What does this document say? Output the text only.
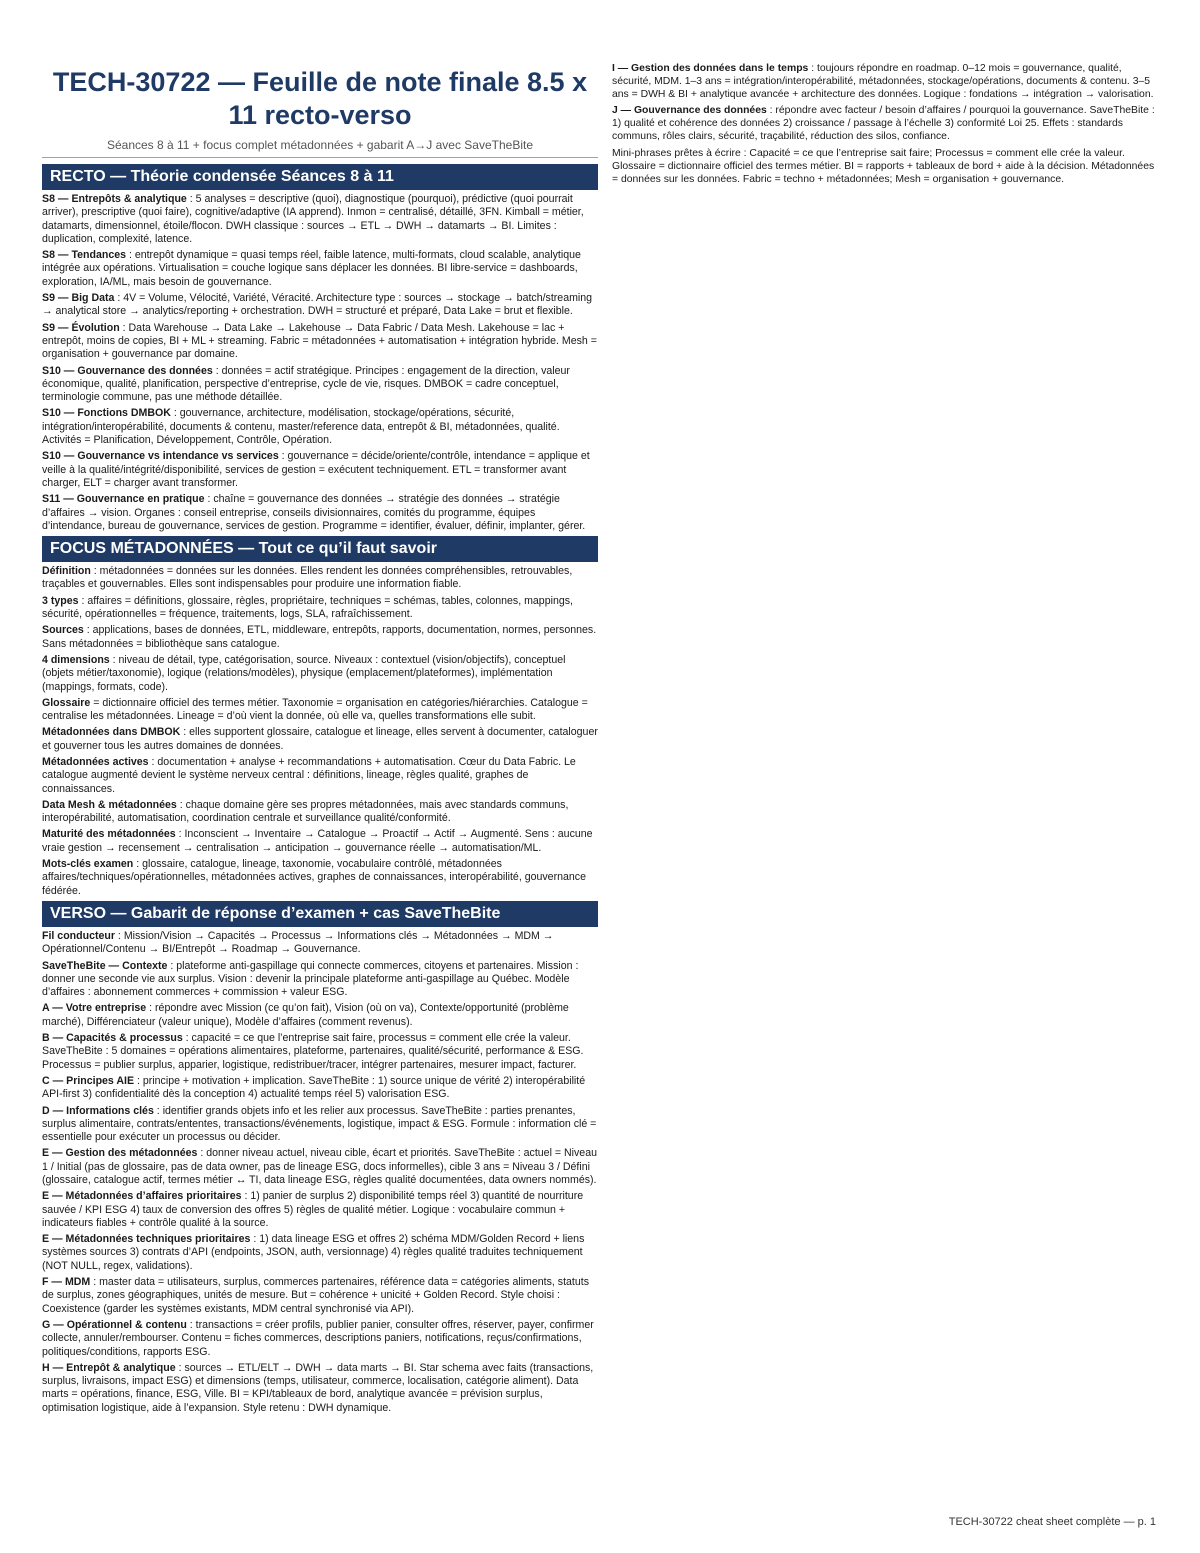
TECH-30722 — Feuille de note finale 8.5 x 11 recto-verso
Séances 8 à 11 + focus complet métadonnées + gabarit A→J avec SaveTheBite
RECTO — Théorie condensée Séances 8 à 11

S8 — Entrepôts & analytique : 5 analyses = descriptive (quoi), diagnostique (pourquoi), prédictive (quoi pourrait arriver), prescriptive (quoi faire), cognitive/adaptive (IA apprend). Inmon = centralisé, détaillé, 3FN. Kimball = métier, datamarts, dimensionnel, étoile/flocon. DWH classique : sources → ETL → DWH → datamarts → BI. Limites : duplication, complexité, latence.

S8 — Tendances : entrepôt dynamique = quasi temps réel, faible latence, multi-formats, cloud scalable, analytique intégrée aux opérations. Virtualisation = couche logique sans déplacer les données. BI libre-service = dashboards, exploration, IA/ML, mais besoin de gouvernance.

S9 — Big Data : 4V = Volume, Vélocité, Variété, Véracité. Architecture type : sources → stockage → batch/streaming → analytical store → analytics/reporting + orchestration. DWH = structuré et préparé, Data Lake = brut et flexible.

S9 — Évolution : Data Warehouse → Data Lake → Lakehouse → Data Fabric / Data Mesh. Lakehouse = lac + entrepôt, moins de copies, BI + ML + streaming. Fabric = métadonnées + automatisation + intégration hybride. Mesh = organisation + gouvernance par domaine.

S10 — Gouvernance des données : données = actif stratégique. Principes : engagement de la direction, valeur économique, qualité, planification, perspective d’entreprise, cycle de vie, risques. DMBOK = cadre conceptuel, terminologie commune, pas une méthode détaillée.

S10 — Fonctions DMBOK : gouvernance, architecture, modélisation, stockage/opérations, sécurité, intégration/interopérabilité, documents & contenu, master/reference data, entrepôt & BI, métadonnées, qualité. Activités = Planification, Développement, Contrôle, Opération.

S10 — Gouvernance vs intendance vs services : gouvernance = décide/oriente/contrôle, intendance = applique et veille à la qualité/intégrité/disponibilité, services de gestion = exécutent techniquement. ETL = transformer avant charger, ELT = charger avant transformer.

S11 — Gouvernance en pratique : chaîne = gouvernance des données → stratégie des données → stratégie d’affaires → vision. Organes : conseil entreprise, conseils divisionnaires, comités du programme, équipes d’intendance, bureau de gouvernance, services de gestion. Programme = identifier, évaluer, définir, implanter, gérer.

FOCUS MÉTADONNÉES — Tout ce qu’il faut savoir

Définition : métadonnées = données sur les données. Elles rendent les données compréhensibles, retrouvables, traçables et gouvernables. Elles sont indispensables pour produire une information fiable.

3 types : affaires = définitions, glossaire, règles, propriétaire, techniques = schémas, tables, colonnes, mappings, sécurité, opérationnelles = fréquence, traitements, logs, SLA, rafraîchissement.

Sources : applications, bases de données, ETL, middleware, entrepôts, rapports, documentation, normes, personnes. Sans métadonnées = bibliothèque sans catalogue.

4 dimensions : niveau de détail, type, catégorisation, source. Niveaux : contextuel (vision/objectifs), conceptuel (objets métier/taxonomie), logique (relations/modèles), physique (emplacement/plateformes), implémentation (mappings, formats, code).

Glossaire = dictionnaire officiel des termes métier. Taxonomie = organisation en catégories/hiérarchies. Catalogue = centralise les métadonnées. Lineage = d’où vient la donnée, où elle va, quelles transformations elle subit.

Métadonnées dans DMBOK : elles supportent glossaire, catalogue et lineage, elles servent à documenter, cataloguer et gouverner tous les autres domaines de données.

Métadonnées actives : documentation + analyse + recommandations + automatisation. Cœur du Data Fabric. Le catalogue augmenté devient le système nerveux central : définitions, lineage, règles qualité, graphes de connaissances.

Data Mesh & métadonnées : chaque domaine gère ses propres métadonnées, mais avec standards communs, interopérabilité, automatisation, coordination centrale et surveillance qualité/conformité.

Maturité des métadonnées : Inconscient → Inventaire → Catalogue → Proactif → Actif → Augmenté. Sens : aucune vraie gestion → recensement → centralisation → anticipation → gouvernance réelle → automatisation/ML.

Mots-clés examen : glossaire, catalogue, lineage, taxonomie, vocabulaire contrôlé, métadonnées affaires/techniques/opérationnelles, métadonnées actives, graphes de connaissances, interopérabilité, gouvernance fédérée.

VERSO — Gabarit de réponse d’examen + cas SaveTheBite

Fil conducteur : Mission/Vision → Capacités → Processus → Informations clés → Métadonnées → MDM → Opérationnel/Contenu → BI/Entrepôt → Roadmap → Gouvernance.

SaveTheBite — Contexte : plateforme anti-gaspillage qui connecte commerces, citoyens et partenaires. Mission : donner une seconde vie aux surplus. Vision : devenir la principale plateforme anti-gaspillage au Québec. Modèle d’affaires : abonnement commerces + commission + valeur ESG.

A — Votre entreprise : répondre avec Mission (ce qu’on fait), Vision (où on va), Contexte/opportunité (problème marché), Différenciateur (valeur unique), Modèle d’affaires (comment revenus).

B — Capacités & processus : capacité = ce que l’entreprise sait faire, processus = comment elle crée la valeur. SaveTheBite : 5 domaines = opérations alimentaires, plateforme, partenaires, qualité/sécurité, performance & ESG. Processus = publier surplus, apparier, logistique, redistribuer/tracer, intégrer partenaires, mesurer impact, facturer.

C — Principes AIE : principe + motivation + implication. SaveTheBite : 1) source unique de vérité 2) interopérabilité API-first 3) confidentialité dès la conception 4) actualité temps réel 5) valorisation ESG.

D — Informations clés : identifier grands objets info et les relier aux processus. SaveTheBite : parties prenantes, surplus alimentaire, contrats/ententes, transactions/événements, logistique, impact & ESG. Formule : information clé = essentielle pour exécuter un processus ou décider.

E — Gestion des métadonnées : donner niveau actuel, niveau cible, écart et priorités. SaveTheBite : actuel = Niveau 1 / Initial (pas de glossaire, pas de data owner, pas de lineage ESG, docs informelles), cible 3 ans = Niveau 3 / Défini (glossaire, catalogue actif, termes métier ↔ TI, data lineage ESG, règles qualité documentées, data owners nommés).

E — Métadonnées d’affaires prioritaires : 1) panier de surplus 2) disponibilité temps réel 3) quantité de nourriture sauvée / KPI ESG 4) taux de conversion des offres 5) règles de qualité métier. Logique : vocabulaire commun + indicateurs fiables + contrôle qualité à la source.

E — Métadonnées techniques prioritaires : 1) data lineage ESG et offres 2) schéma MDM/Golden Record + liens systèmes sources 3) contrats d’API (endpoints, JSON, auth, versionnage) 4) règles qualité traduites techniquement (NOT NULL, regex, validations).

F — MDM : master data = utilisateurs, surplus, commerces partenaires, référence data = catégories aliments, statuts de surplus, zones géographiques, unités de mesure. But = cohérence + unicité + Golden Record. Style choisi : Coexistence (garder les systèmes existants, MDM central synchronisé via API).

G — Opérationnel & contenu : transactions = créer profils, publier panier, consulter offres, réserver, payer, confirmer collecte, annuler/rembourser. Contenu = fiches commerces, descriptions paniers, notifications, reçus/confirmations, politiques/conditions, rapports ESG.

H — Entrepôt & analytique : sources → ETL/ELT → DWH → data marts → BI. Star schema avec faits (transactions, surplus, livraisons, impact ESG) et dimensions (temps, utilisateur, commerce, localisation, catégorie aliment). Data marts = opérations, finance, ESG, Ville. BI = KPI/tableaux de bord, analytique avancée = prévision surplus, optimisation logistique, aide à l’expansion. Style retenu : DWH dynamique.

I — Gestion des données dans le temps : toujours répondre en roadmap. 0–12 mois = gouvernance, qualité, sécurité, MDM. 1–3 ans = intégration/interopérabilité, métadonnées, stockage/opérations, documents & contenu. 3–5 ans = DWH & BI + analytique avancée + architecture des données. Logique : fondations → intégration → valorisation.

J — Gouvernance des données : répondre avec facteur / besoin d’affaires / pourquoi la gouvernance. SaveTheBite : 1) qualité et cohérence des données 2) croissance / passage à l’échelle 3) conformité Loi 25. Effets : standards communs, rôles clairs, sécurité, traçabilité, réduction des silos, confiance.

Mini-phrases prêtes à écrire : Capacité = ce que l’entreprise sait faire; Processus = comment elle crée la valeur. Glossaire = dictionnaire officiel des termes métier. BI = rapports + tableaux de bord + aide à la décision. Métadonnées = données sur les données. Fabric = techno + métadonnées; Mesh = organisation + gouvernance.

TECH-30722 cheat sheet complète — p. 1
